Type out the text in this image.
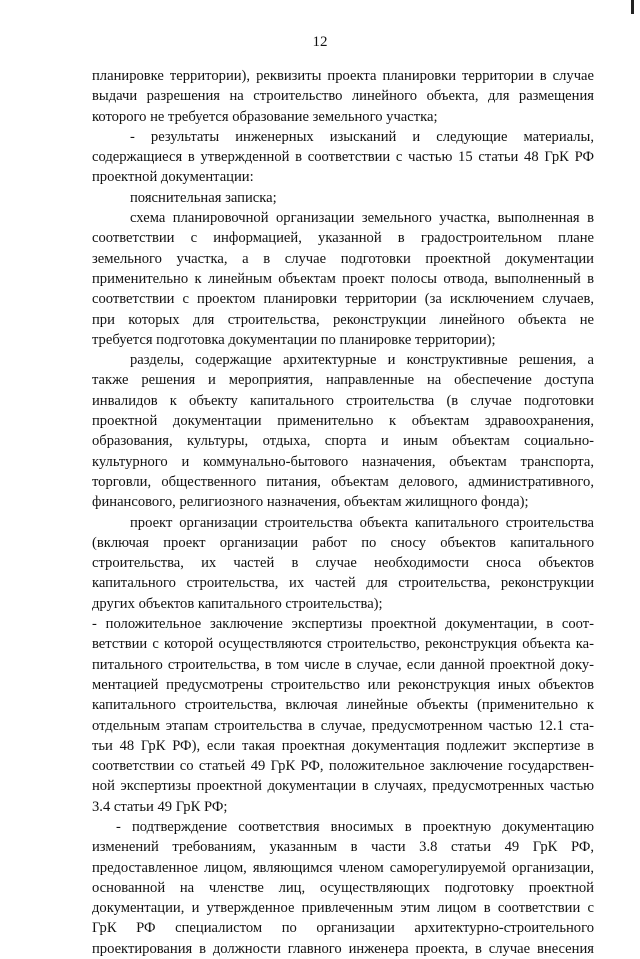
12
планировке территории), реквизиты проекта планировки территории в случае
выдачи разрешения на строительство линейного объекта, для размещения
которого не требуется образование земельного участка;
- результаты инженерных изысканий и следующие материалы,
содержащиеся в утвержденной в соответствии с частью 15 статьи 48 ГрК РФ
проектной документации:
пояснительная записка;
схема планировочной организации земельного участка, выполненная в
соответствии с информацией, указанной в градостроительном плане
земельного участка, а в случае подготовки проектной документации
применительно к линейным объектам проект полосы отвода, выполненный в
соответствии с проектом планировки территории (за исключением случаев,
при которых для строительства, реконструкции линейного объекта не
требуется подготовка документации по планировке территории);
разделы, содержащие архитектурные и конструктивные решения, а
также решения и мероприятия, направленные на обеспечение доступа
инвалидов к объекту капитального строительства (в случае подготовки
проектной документации применительно к объектам здравоохранения,
образования, культуры, отдыха, спорта и иным объектам социально-
культурного и коммунально-бытового назначения, объектам транспорта,
торговли, общественного питания, объектам делового, административного,
финансового, религиозного назначения, объектам жилищного фонда);
проект организации строительства объекта капитального строительства
(включая проект организации работ по сносу объектов капитального
строительства, их частей в случае необходимости сноса объектов
капитального строительства, их частей для строительства, реконструкции
других объектов капитального строительства);
- положительное заключение экспертизы проектной документации, в соот-
ветствии с которой осуществляются строительство, реконструкция объекта ка-
питального строительства, в том числе в случае, если данной проектной доку-
ментацией предусмотрены строительство или реконструкция иных объектов
капитального строительства, включая линейные объекты (применительно к
отдельным этапам строительства в случае, предусмотренном частью 12.1 ста-
тьи 48 ГрК РФ), если такая проектная документация подлежит экспертизе в
соответствии со статьей 49 ГрК РФ, положительное заключение государствен-
ной экспертизы проектной документации в случаях, предусмотренных частью
3.4 статьи 49 ГрК РФ;
- подтверждение соответствия вносимых в проектную документацию
изменений требованиям, указанным в части 3.8 статьи 49 ГрК РФ,
предоставленное лицом, являющимся членом саморегулируемой организации,
основанной на членстве лиц, осуществляющих подготовку проектной
документации, и утвержденное привлеченным этим лицом в соответствии с
ГрК РФ специалистом по организации архитектурно-строительного
проектирования в должности главного инженера проекта, в случае внесения
